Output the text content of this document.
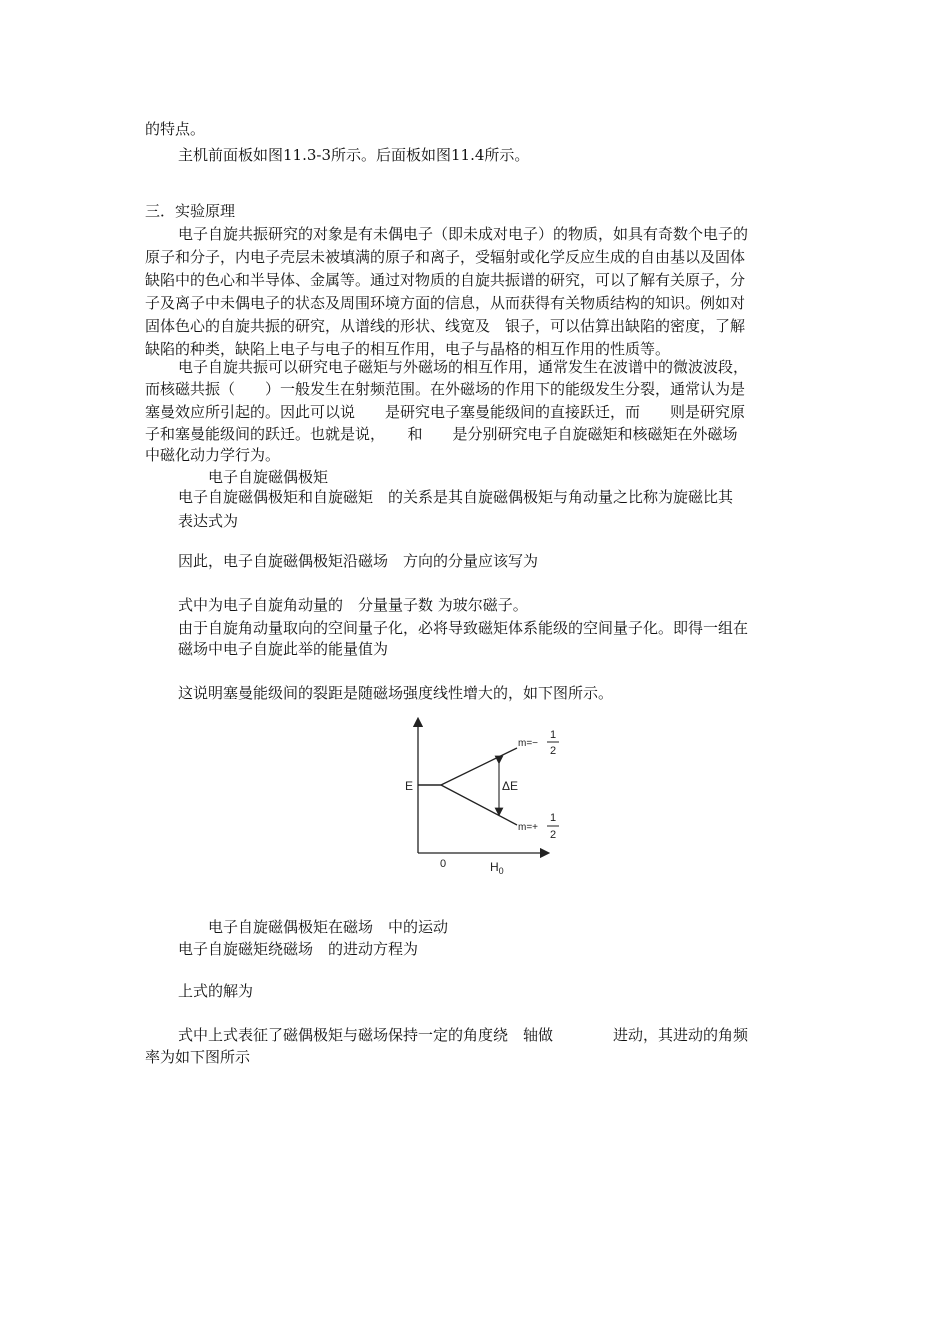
的特点。
主机前面板如图11.3-3所示。后面板如图11.4所示。
三．实验原理
电子自旋共振研究的对象是有未偶电子（即未成对电子）的物质，如具有奇数个电子的
原子和分子，内电子壳层未被填满的原子和离子，受辐射或化学反应生成的自由基以及固体
缺陷中的色心和半导体、金属等。通过对物质的自旋共振谱的研究，可以了解有关原子，分
子及离子中未偶电子的状态及周围环境方面的信息，从而获得有关物质结构的知识。例如对
固体色心的自旋共振的研究，从谱线的形状、线宽及　银子，可以估算出缺陷的密度，了解
缺陷的种类，缺陷上电子与电子的相互作用，电子与晶格的相互作用的性质等。
电子自旋共振可以研究电子磁矩与外磁场的相互作用，通常发生在波谱中的微波波段，
而核磁共振（　　）一般发生在射频范围。在外磁场的作用下的能级发生分裂，通常认为是
塞曼效应所引起的。因此可以说　　是研究电子塞曼能级间的直接跃迁，而　　则是研究原
子和塞曼能级间的跃迁。也就是说，　　和　　是分别研究电子自旋磁矩和核磁矩在外磁场
中磁化动力学行为。
电子自旋磁偶极矩
电子自旋磁偶极矩和自旋磁矩　的关系是其自旋磁偶极矩与角动量之比称为旋磁比其
表达式为
因此，电子自旋磁偶极矩沿磁场　方向的分量应该写为
式中为电子自旋角动量的　分量量子数 为玻尔磁子。
由于自旋角动量取向的空间量子化，必将导致磁矩体系能级的空间量子化。即得一组在
磁场中电子自旋此举的能量值为
这说明塞曼能级间的裂距是随磁场强度线性增大的，如下图所示。
E	ΔE
0	$H_0$
m=−
1
2
m=+
1
2
电子自旋磁偶极矩在磁场　中的运动
电子自旋磁矩绕磁场　的进动方程为
上式的解为
式中上式表征了磁偶极矩与磁场保持一定的角度绕　轴做　　　　进动，其进动的角频
率为如下图所示
